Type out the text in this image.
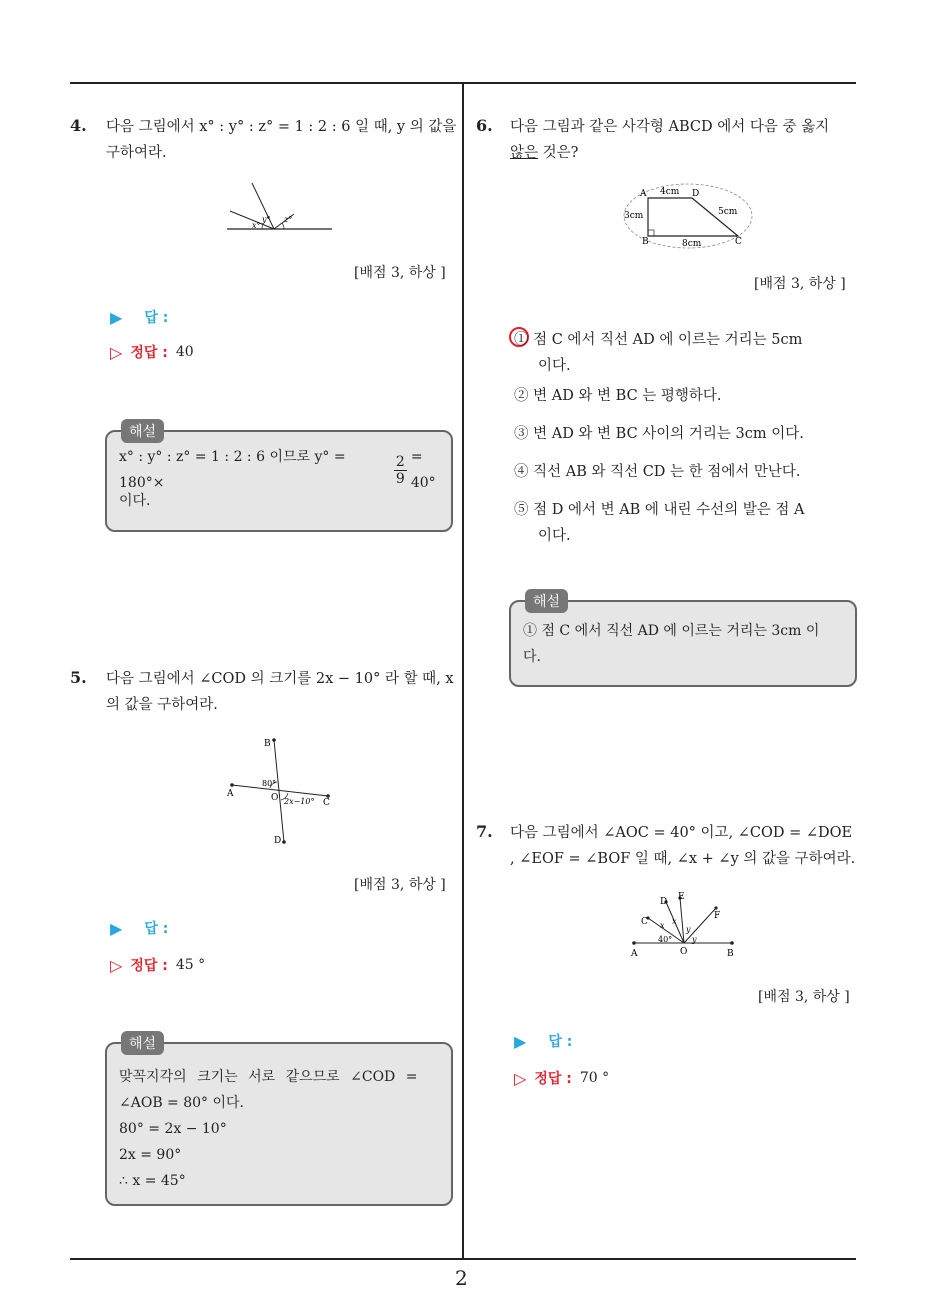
2
4. 다음 그림에서 x° : y° : z° = 1 : 2 : 6 일 때, y 의 값을
구하여라.
x°
y° z°
[배점 3, 하상 ]
▶ 답 :
▷ 정답 : 40
해설
x° : y° : z° = 1 : 2 : 6 이므로 y° = 180°×	$\frac{2}{9} = 40^\circ$
이다.
5. 다음 그림에서 ∠COD 의 크기를 2x − 10° 라 할 때, x
의 값을 구하여라.
B
A	O	C
D
80°
2x−10°
[배점 3, 하상 ]
▶ 답 :
▷ 정답 : 45 °
해설
맞꼭지각의 크기는 서로 같으므로 ∠COD =
∠AOB = 80° 이다.
80° = 2x − 10°
2x = 90°
∴ x = 45°
6. 다음 그림과 같은 사각형 ABCD 에서 다음 중 옳지
않은 것은?
A	D
B	C
4cm
3cm
8cm
5cm
[배점 3, 하상 ]
① 점 C 에서 직선 AD 에 이르는 거리는 5cm
이다.
② 변 AD 와 변 BC 는 평행하다.
③ 변 AD 와 변 BC 사이의 거리는 3cm 이다.
④ 직선 AB 와 직선 CD 는 한 점에서 만난다.
⑤ 점 D 에서 변 AB 에 내린 수선의 발은 점 A
이다.
해설
① 점 C 에서 직선 AD 에 이르는 거리는 3cm 이
다.
7. 다음 그림에서 ∠AOC = 40° 이고, ∠COD = ∠DOE
, ∠EOF = ∠BOF 일 때, ∠x + ∠y 의 값을 구하여라.
C
D E
F
A	O	B
40°
x x
y
y
[배점 3, 하상 ]
▶ 답 :
▷ 정답 : 70 °
